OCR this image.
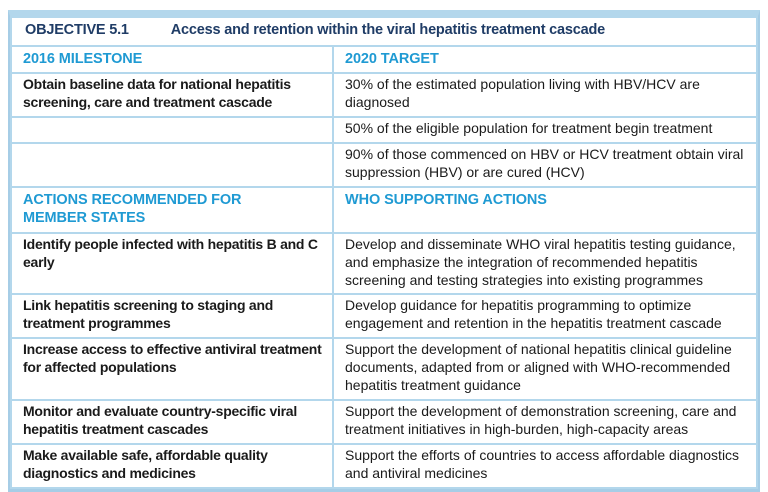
OBJECTIVE 5.1 Access and retention within the viral hepatitis treatment cascade	

2016 MILESTONE	2020 TARGET
Obtain baseline data for national hepatitis screening, care and treatment cascade	30% of the estimated population living with HBV/HCV are diagnosed
	50% of the eligible population for treatment begin treatment
	90% of those commenced on HBV or HCV treatment obtain viral suppression (HBV) or are cured (HCV)
ACTIONS RECOMMENDED FOR MEMBER STATES	WHO SUPPORTING ACTIONS
Identify people infected with hepatitis B and C early	Develop and disseminate WHO viral hepatitis testing guidance, and emphasize the integration of recommended hepatitis screening and testing strategies into existing programmes
Link hepatitis screening to staging and treatment programmes	Develop guidance for hepatitis programming to optimize engagement and retention in the hepatitis treatment cascade
Increase access to effective antiviral treatment for affected populations	Support the development of national hepatitis clinical guideline documents, adapted from or aligned with WHO-recommended hepatitis treatment guidance
Monitor and evaluate country-specific viral hepatitis treatment cascades	Support the development of demonstration screening, care and treatment initiatives in high-burden, high-capacity areas
Make available safe, affordable quality diagnostics and medicines	Support the efforts of countries to access affordable diagnostics and antiviral medicines
